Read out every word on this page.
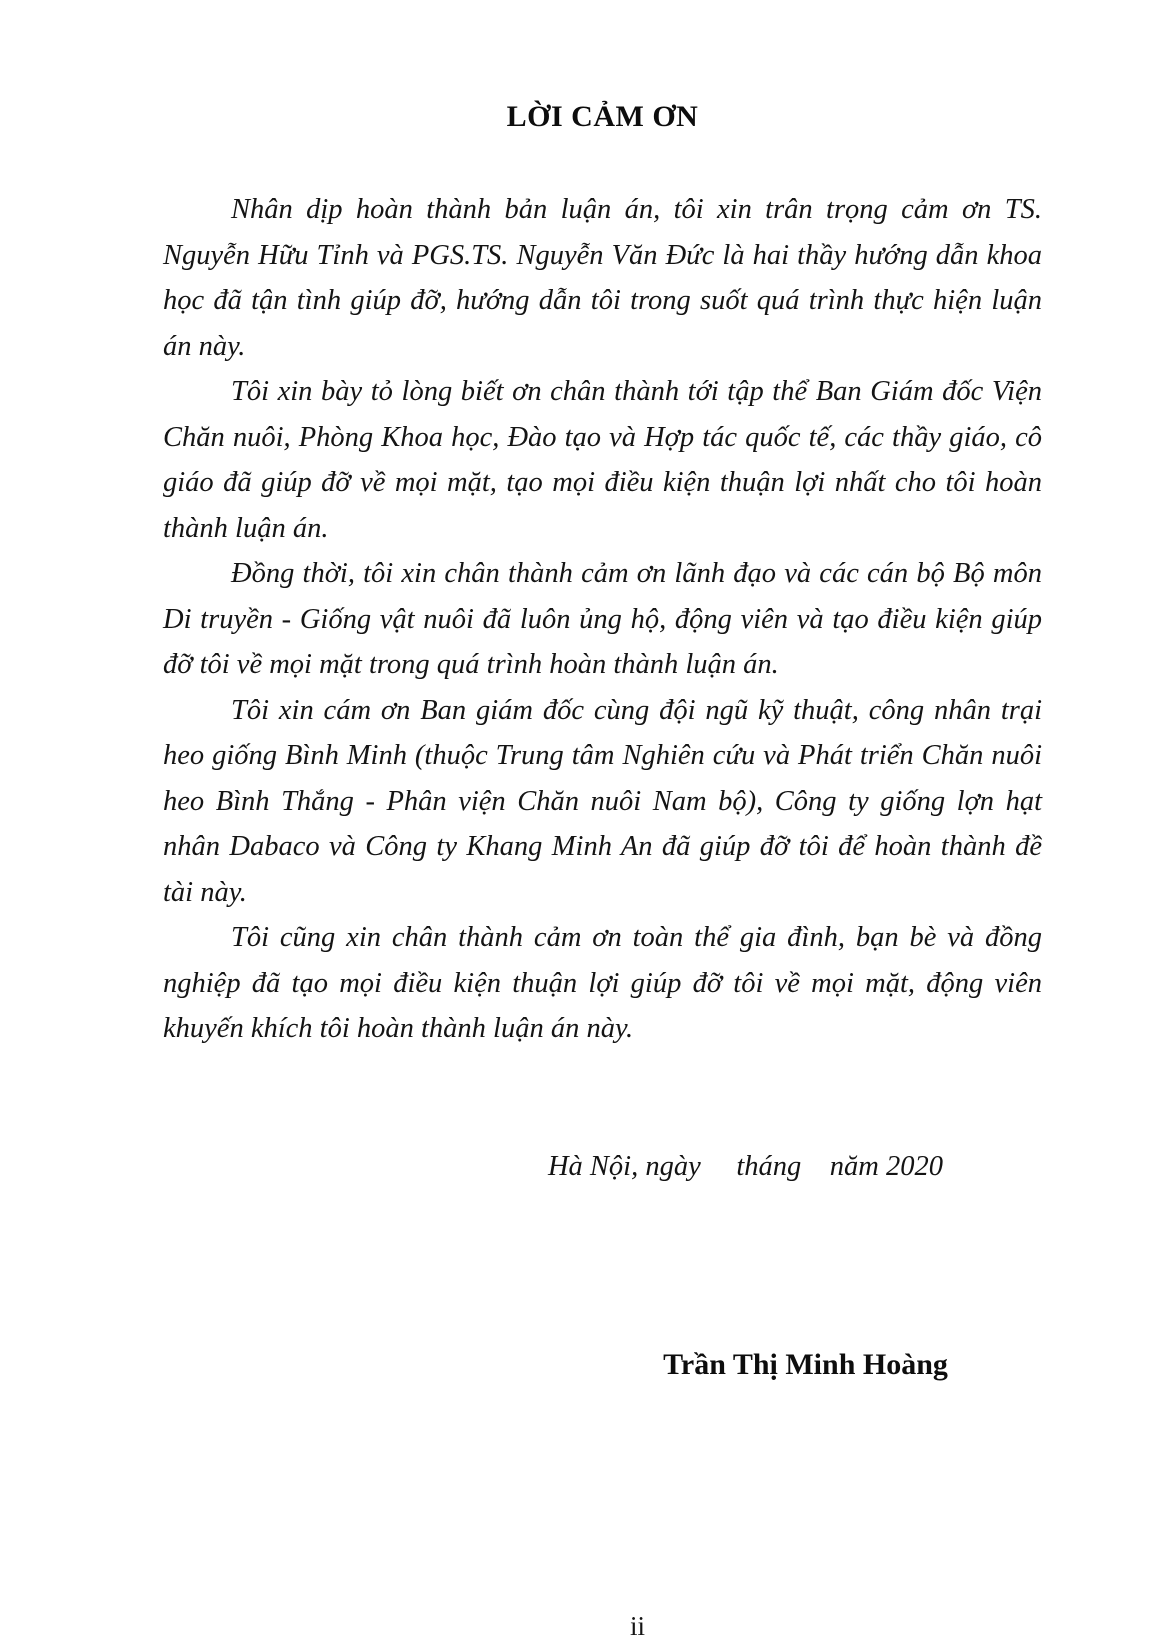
LỜI CẢM ƠN

Nhân dịp hoàn thành bản luận án, tôi xin trân trọng cảm ơn TS. Nguyễn Hữu Tỉnh và PGS.TS. Nguyễn Văn Đức là hai thầy hướng dẫn khoa học đã tận tình giúp đỡ, hướng dẫn tôi trong suốt quá trình thực hiện luận án này.

Tôi xin bày tỏ lòng biết ơn chân thành tới tập thể Ban Giám đốc Viện Chăn nuôi, Phòng Khoa học, Đào tạo và Hợp tác quốc tế, các thầy giáo, cô giáo đã giúp đỡ về mọi mặt, tạo mọi điều kiện thuận lợi nhất cho tôi hoàn thành luận án.

Đồng thời, tôi xin chân thành cảm ơn lãnh đạo và các cán bộ Bộ môn Di truyền - Giống vật nuôi đã luôn ủng hộ, động viên và tạo điều kiện giúp đỡ tôi về mọi mặt trong quá trình hoàn thành luận án.

Tôi xin cám ơn Ban giám đốc cùng đội ngũ kỹ thuật, công nhân trại heo giống Bình Minh (thuộc Trung tâm Nghiên cứu và Phát triển Chăn nuôi heo Bình Thắng - Phân viện Chăn nuôi Nam bộ), Công ty giống lợn hạt nhân Dabaco và Công ty Khang Minh An đã giúp đỡ tôi để hoàn thành đề tài này.

Tôi cũng xin chân thành cảm ơn toàn thể gia đình, bạn bè và đồng nghiệp đã tạo mọi điều kiện thuận lợi giúp đỡ tôi về mọi mặt, động viên khuyến khích tôi hoàn thành luận án này.

Hà Nội, ngày     tháng    năm 2020
Trần Thị Minh Hoàng
ii
